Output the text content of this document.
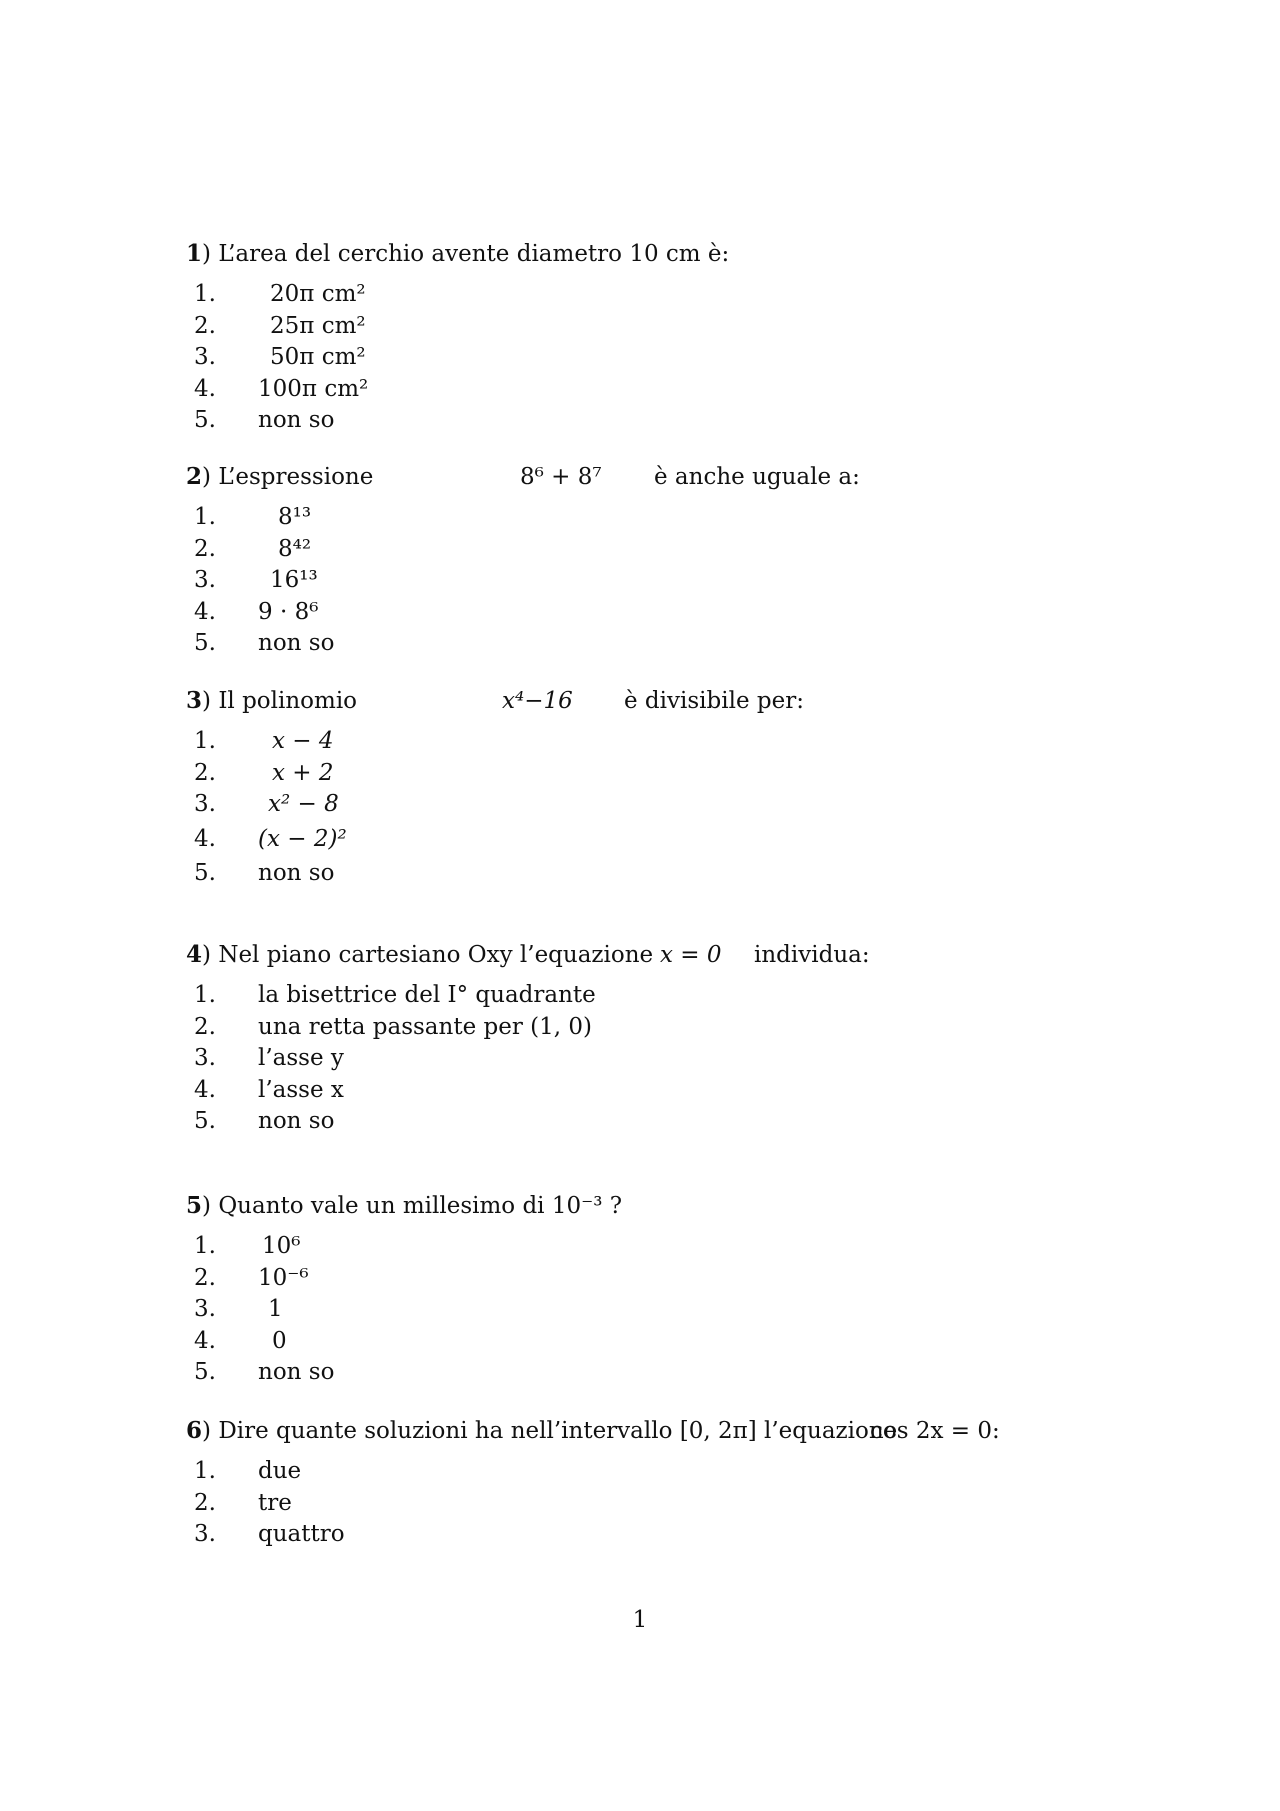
1) L’area del cerchio avente diametro 10 cm è:
1.	20π cm²
2.	25π cm²
3.	50π cm²
4.	100π cm²
5.	non so
2) L’espressione	8⁶ + 8⁷ è anche uguale a:
1.	8¹³
2.	8⁴²
3.	16¹³
4.	9 · 8⁶
5.	non so
3) Il polinomio	x⁴−16 è divisibile per:
1.	x − 4
2.	x + 2
3.	x² − 8
4.	(x − 2)²
5.	non so
4) Nel piano cartesiano Oxy l’equazione x = 0 individua:
1.	la bisettrice del I° quadrante
2.	una retta passante per (1, 0)
3.	l’asse y
4.	l’asse x
5.	non so
5) Quanto vale un millesimo di 10⁻³ ?
1.	10⁶
2.	10⁻⁶
3.	1
4.	0
5.	non so
6) Dire quante soluzioni ha nell’intervallo [0, 2π] l’equazione
cos 2x = 0:
1.	due
2.	tre
3.	quattro
1
